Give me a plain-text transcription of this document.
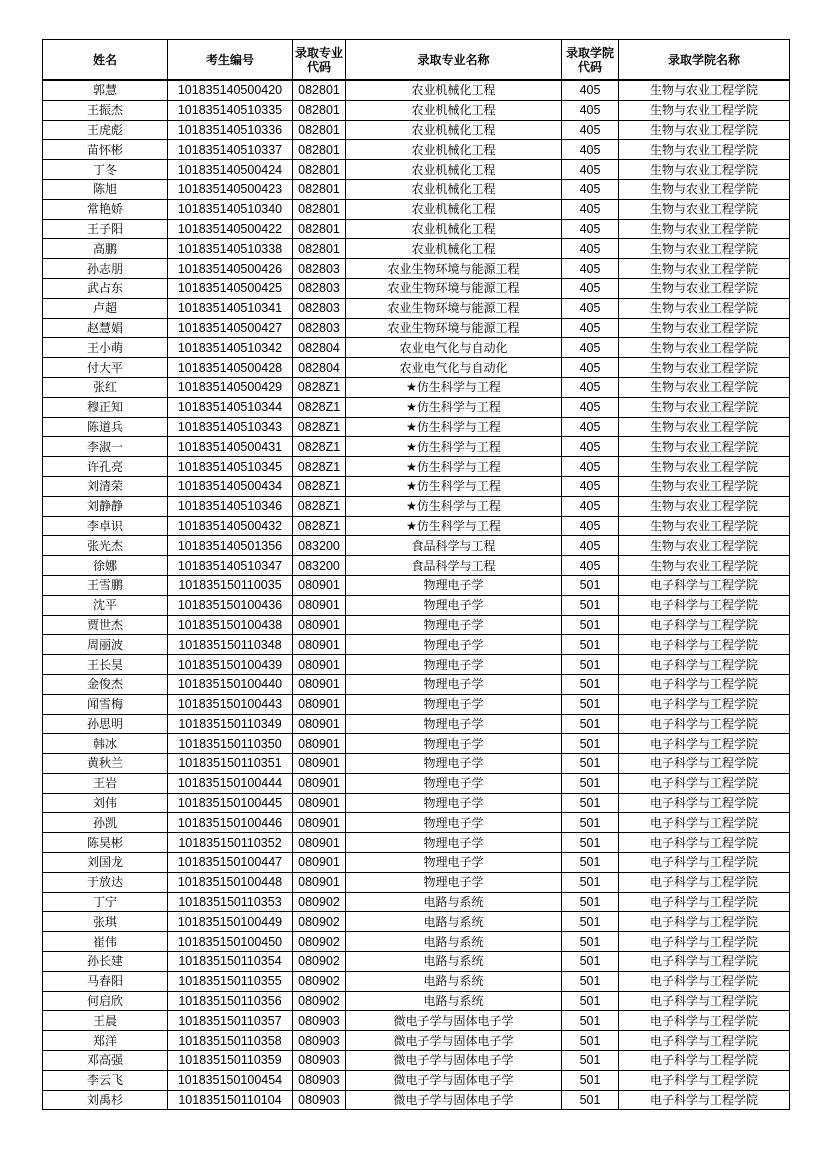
姓名	考生编号	录取专业代码	录取专业名称	录取学院代码	录取学院名称
郭慧	101835140500420	082801	农业机械化工程	405	生物与农业工程学院
王振杰	101835140510335	082801	农业机械化工程	405	生物与农业工程学院
王虎彪	101835140510336	082801	农业机械化工程	405	生物与农业工程学院
苗怀彬	101835140510337	082801	农业机械化工程	405	生物与农业工程学院
丁冬	101835140500424	082801	农业机械化工程	405	生物与农业工程学院
陈旭	101835140500423	082801	农业机械化工程	405	生物与农业工程学院
常艳娇	101835140510340	082801	农业机械化工程	405	生物与农业工程学院
王子阳	101835140500422	082801	农业机械化工程	405	生物与农业工程学院
高鹏	101835140510338	082801	农业机械化工程	405	生物与农业工程学院
孙志朋	101835140500426	082803	农业生物环境与能源工程	405	生物与农业工程学院
武占东	101835140500425	082803	农业生物环境与能源工程	405	生物与农业工程学院
卢超	101835140510341	082803	农业生物环境与能源工程	405	生物与农业工程学院
赵慧娟	101835140500427	082803	农业生物环境与能源工程	405	生物与农业工程学院
王小萌	101835140510342	082804	农业电气化与自动化	405	生物与农业工程学院
付大平	101835140500428	082804	农业电气化与自动化	405	生物与农业工程学院
张红	101835140500429	0828Z1	★仿生科学与工程	405	生物与农业工程学院
穆正知	101835140510344	0828Z1	★仿生科学与工程	405	生物与农业工程学院
陈道兵	101835140510343	0828Z1	★仿生科学与工程	405	生物与农业工程学院
李淑一	101835140500431	0828Z1	★仿生科学与工程	405	生物与农业工程学院
许孔亮	101835140510345	0828Z1	★仿生科学与工程	405	生物与农业工程学院
刘清荣	101835140500434	0828Z1	★仿生科学与工程	405	生物与农业工程学院
刘静静	101835140510346	0828Z1	★仿生科学与工程	405	生物与农业工程学院
李卓识	101835140500432	0828Z1	★仿生科学与工程	405	生物与农业工程学院
张光杰	101835140501356	083200	食品科学与工程	405	生物与农业工程学院
徐娜	101835140510347	083200	食品科学与工程	405	生物与农业工程学院
王雪鹏	101835150110035	080901	物理电子学	501	电子科学与工程学院
沈平	101835150100436	080901	物理电子学	501	电子科学与工程学院
贾世杰	101835150100438	080901	物理电子学	501	电子科学与工程学院
周丽波	101835150110348	080901	物理电子学	501	电子科学与工程学院
王长昊	101835150100439	080901	物理电子学	501	电子科学与工程学院
金俊杰	101835150100440	080901	物理电子学	501	电子科学与工程学院
闻雪梅	101835150100443	080901	物理电子学	501	电子科学与工程学院
孙思明	101835150110349	080901	物理电子学	501	电子科学与工程学院
韩冰	101835150110350	080901	物理电子学	501	电子科学与工程学院
黄秋兰	101835150110351	080901	物理电子学	501	电子科学与工程学院
王岩	101835150100444	080901	物理电子学	501	电子科学与工程学院
刘伟	101835150100445	080901	物理电子学	501	电子科学与工程学院
孙凯	101835150100446	080901	物理电子学	501	电子科学与工程学院
陈昊彬	101835150110352	080901	物理电子学	501	电子科学与工程学院
刘国龙	101835150100447	080901	物理电子学	501	电子科学与工程学院
于放达	101835150100448	080901	物理电子学	501	电子科学与工程学院
丁宁	101835150110353	080902	电路与系统	501	电子科学与工程学院
张琪	101835150100449	080902	电路与系统	501	电子科学与工程学院
崔伟	101835150100450	080902	电路与系统	501	电子科学与工程学院
孙长建	101835150110354	080902	电路与系统	501	电子科学与工程学院
马春阳	101835150110355	080902	电路与系统	501	电子科学与工程学院
何启欣	101835150110356	080902	电路与系统	501	电子科学与工程学院
王晨	101835150110357	080903	微电子学与固体电子学	501	电子科学与工程学院
郑洋	101835150110358	080903	微电子学与固体电子学	501	电子科学与工程学院
邓高强	101835150110359	080903	微电子学与固体电子学	501	电子科学与工程学院
李云飞	101835150100454	080903	微电子学与固体电子学	501	电子科学与工程学院
刘禹杉	101835150110104	080903	微电子学与固体电子学	501	电子科学与工程学院
